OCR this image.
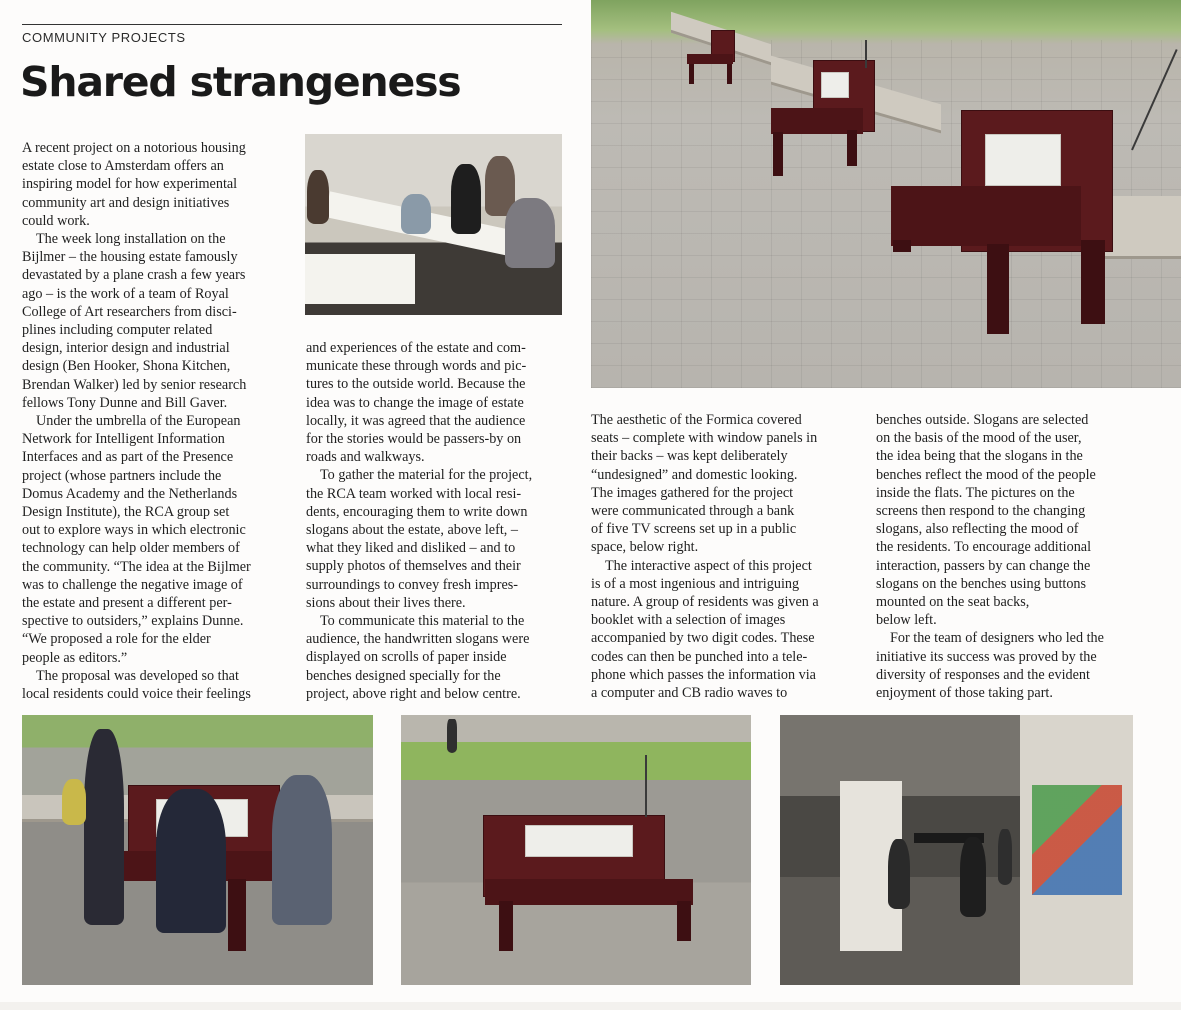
COMMUNITY PROJECTS
Shared strangeness

A recent project on a notorious housing
estate close to Amsterdam offers an
inspiring model for how experimental
community art and design initiatives
could work.

The week long installation on the
Bijlmer – the housing estate famously
devastated by a plane crash a few years
ago – is the work of a team of Royal
College of Art researchers from disci-
plines including computer related
design, interior design and industrial
design (Ben Hooker, Shona Kitchen,
Brendan Walker) led by senior research
fellows Tony Dunne and Bill Gaver.

Under the umbrella of the European
Network for Intelligent Information
Interfaces and as part of the Presence
project (whose partners include the
Domus Academy and the Netherlands
Design Institute), the RCA group set
out to explore ways in which electronic
technology can help older members of
the community. “The idea at the Bijlmer
was to challenge the negative image of
the estate and present a different per-
spective to outsiders,” explains Dunne.
“We proposed a role for the elder
people as editors.”

The proposal was developed so that
local residents could voice their feelings

and experiences of the estate and com-
municate these through words and pic-
tures to the outside world. Because the
idea was to change the image of estate
locally, it was agreed that the audience
for the stories would be passers-by on
roads and walkways.

To gather the material for the project,
the RCA team worked with local resi-
dents, encouraging them to write down
slogans about the estate, above left, –
what they liked and disliked – and to
supply photos of themselves and their
surroundings to convey fresh impres-
sions about their lives there.

To communicate this material to the
audience, the handwritten slogans were
displayed on scrolls of paper inside
benches designed specially for the
project, above right and below centre.

The aesthetic of the Formica covered
seats – complete with window panels in
their backs – was kept deliberately
“undesigned” and domestic looking.
The images gathered for the project
were communicated through a bank
of five TV screens set up in a public
space, below right.

The interactive aspect of this project
is of a most ingenious and intriguing
nature. A group of residents was given a
booklet with a selection of images
accompanied by two digit codes. These
codes can then be punched into a tele-
phone which passes the information via
a computer and CB radio waves to

benches outside. Slogans are selected
on the basis of the mood of the user,
the idea being that the slogans in the
benches reflect the mood of the people
inside the flats. The pictures on the
screens then respond to the changing
slogans, also reflecting the mood of
the residents. To encourage additional
interaction, passers by can change the
slogans on the benches using buttons
mounted on the seat backs,
below left.

For the team of designers who led the
initiative its success was proved by the
diversity of responses and the evident
enjoyment of those taking part.
